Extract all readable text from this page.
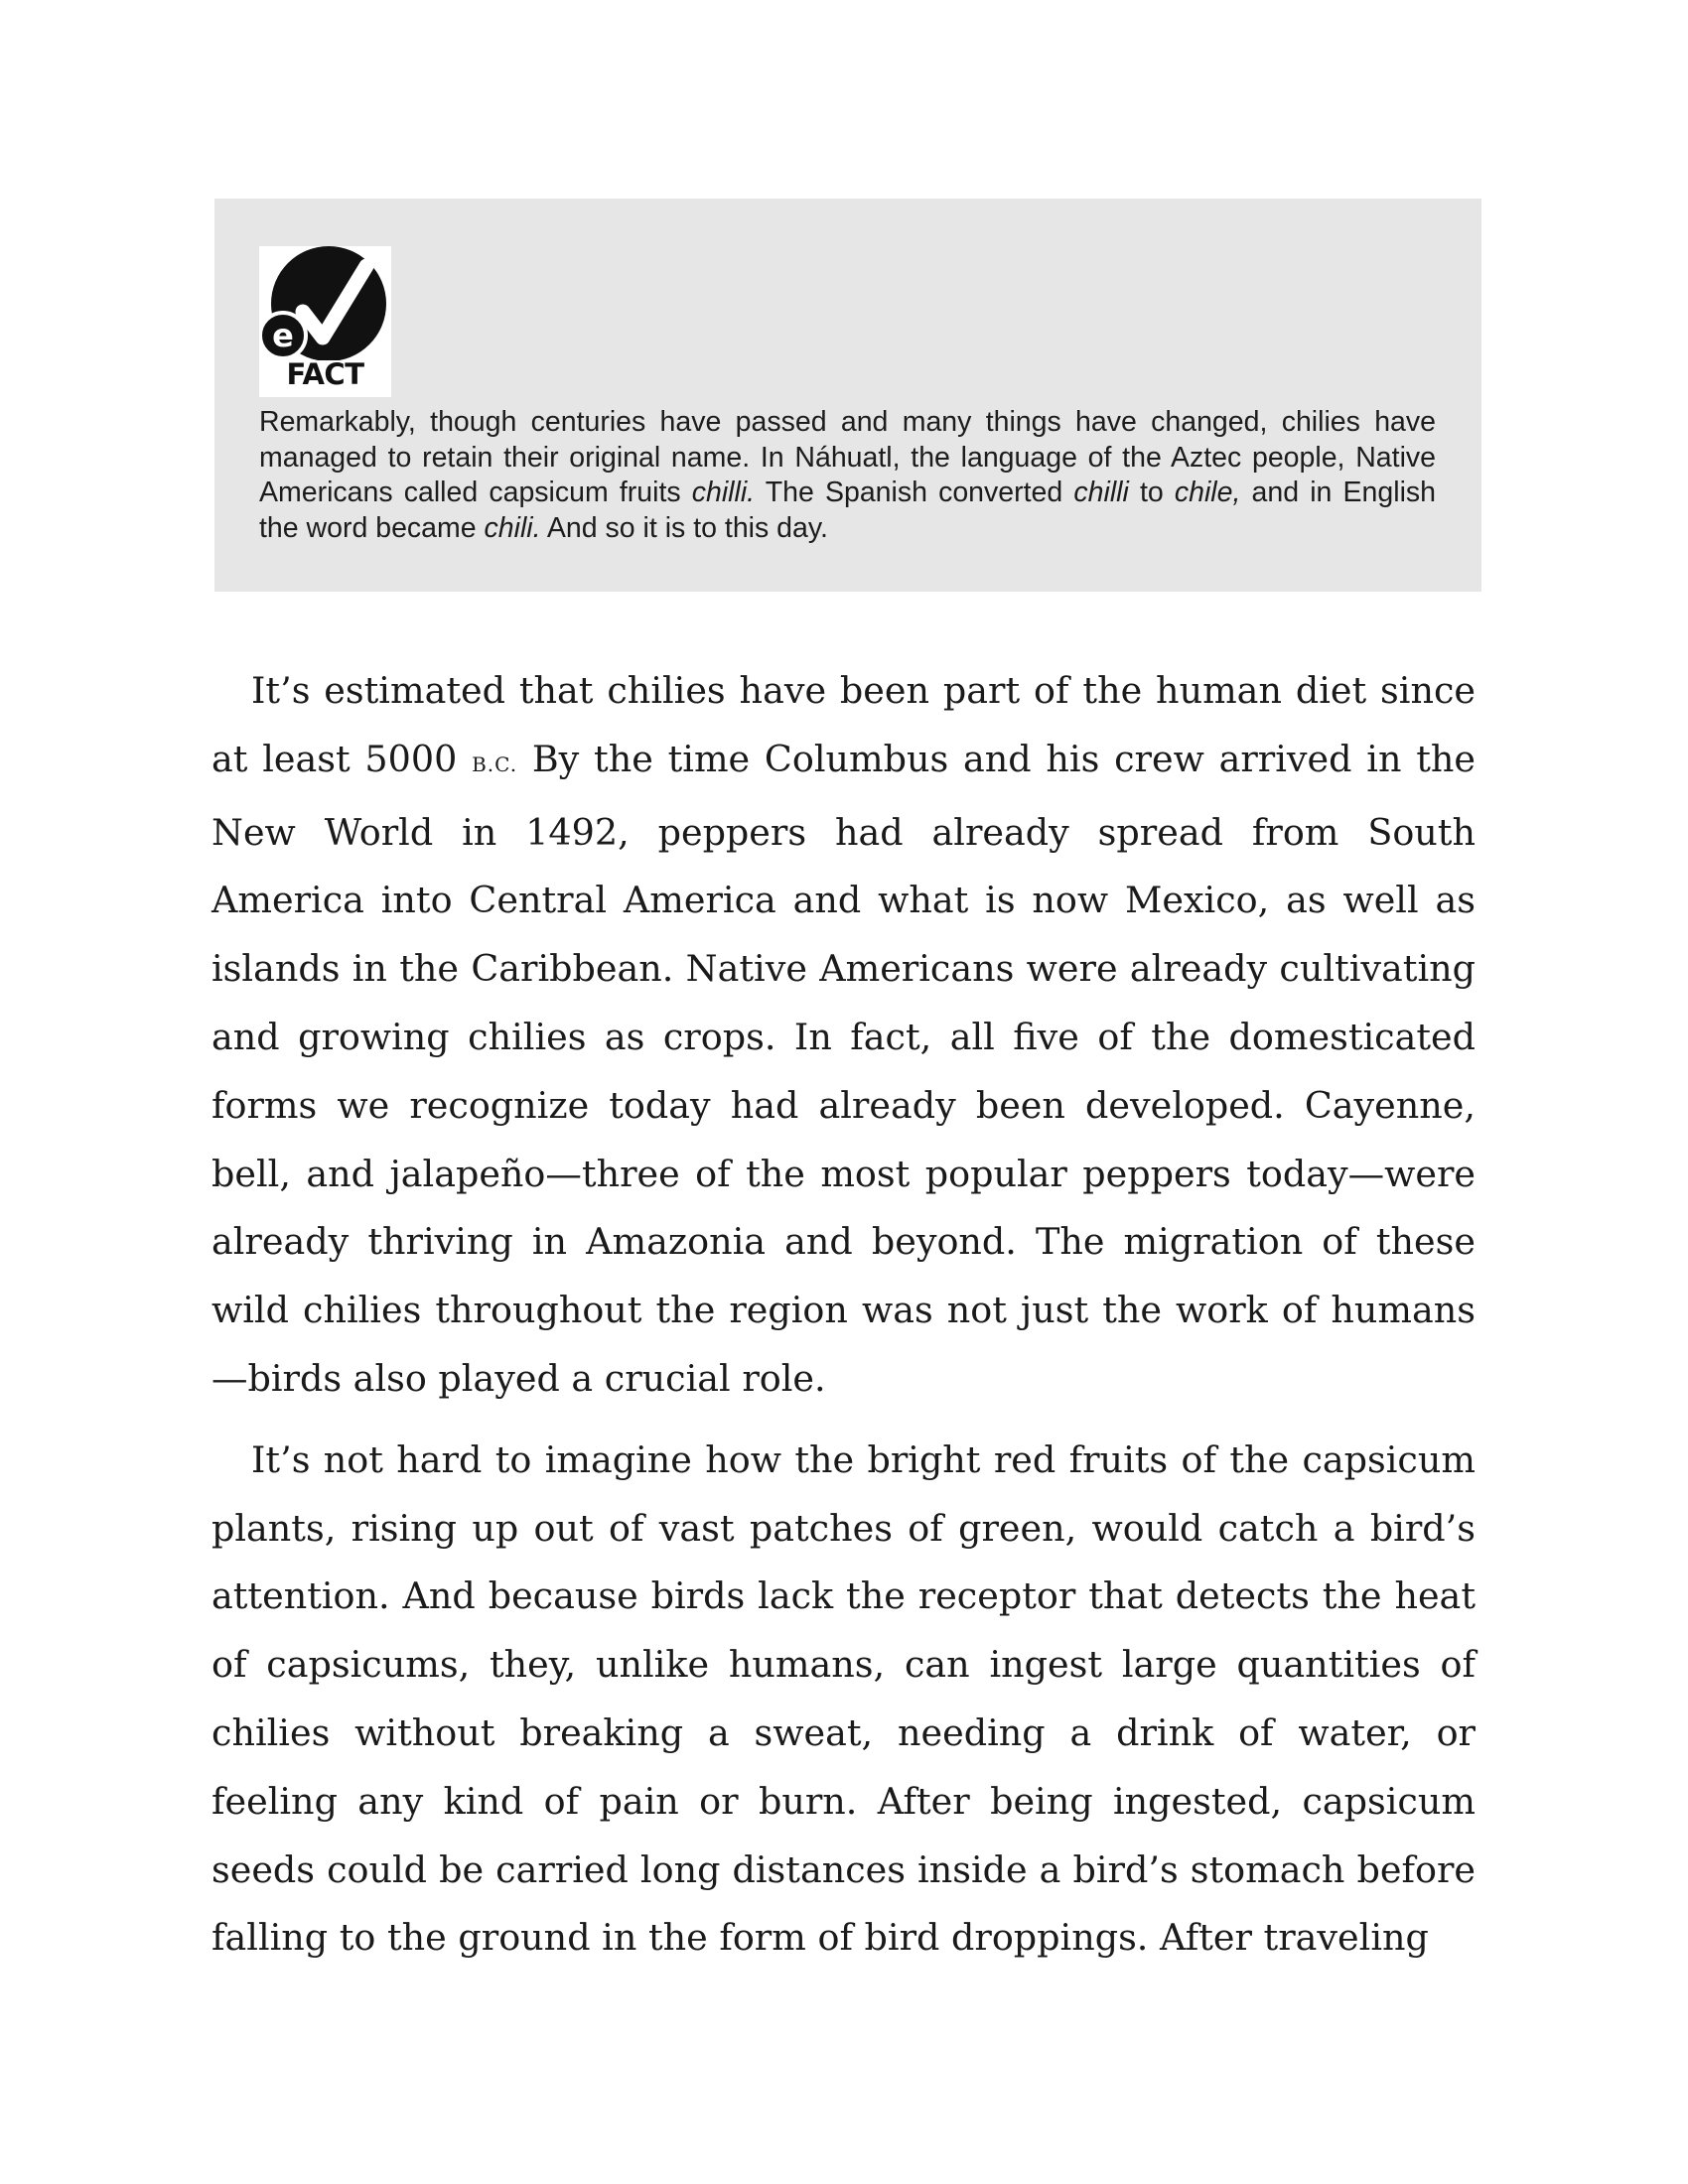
e
FACT
Remarkably, though centuries have passed and many things have changed, chilies have managed to retain their original name. In Náhuatl, the language of the Aztec people, Native Americans called capsicum fruits chilli. The Spanish converted chilli to chile, and in English the word became chili. And so it is to this day.

It’s estimated that chilies have been part of the human diet since at least 5000 B.C. By the time Columbus and his crew arrived in the New World in 1492, peppers had already spread from South America into Central America and what is now Mexico, as well as islands in the Caribbean. Native Americans were already cultivating and growing chilies as crops. In fact, all five of the domesticated forms we recognize today had already been developed. Cayenne, bell, and jalapeño—three of the most popular peppers today—were already thriving in Amazonia and beyond. The migration of these wild chilies throughout the region was not just the work of humans —birds also played a crucial role.

It’s not hard to imagine how the bright red fruits of the capsicum plants, rising up out of vast patches of green, would catch a bird’s attention. And because birds lack the receptor that detects the heat of capsicums, they, unlike humans, can ingest large quantities of chilies without breaking a sweat, needing a drink of water, or feeling any kind of pain or burn. After being ingested, capsicum seeds could be carried long distances inside a bird’s stomach before falling to the ground in the form of bird droppings. After traveling
